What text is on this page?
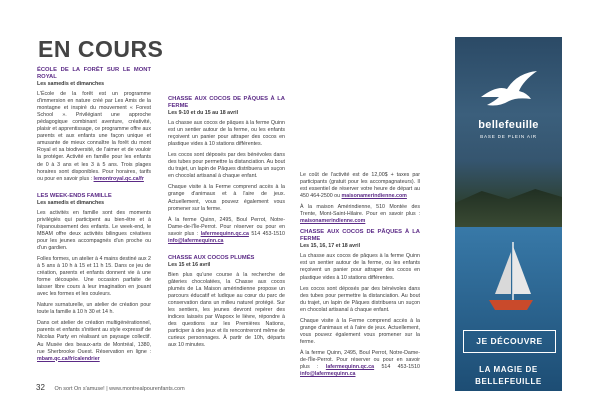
EN COURS
ÉCOLE DE LA FORÊT SUR LE MONT ROYAL
Les samedis et dimanches

L'École de la forêt est un programme d'immersion en nature créé par Les Amis de la montagne et inspiré du mouvement « Forest School ». Privilégiant une approche pédagogique combinant aventure, créativité, plaisir et apprentissage, ce programme offre aux parents et aux enfants une façon unique et amusante de mieux connaître la forêt du mont Royal et sa biodiversité, de l'aimer et de vouloir la protéger. Activité en famille pour les enfants de 0 à 3 ans et les 3 à 5 ans. Trois plages horaires sont disponibles. Pour horaires, tarifs ou pour en savoir plus : lemontroyal.qc.ca/fr

LES WEEK-ENDS FAMILLE
Les samedis et dimanches

Les activités en famille sont des moments privilégiés qui participent au bien-être et à l'épanouissement des enfants. Le week-end, le MBAM offre deux activités bilingues créatives pour les jeunes accompagnés d'un proche ou d'un gardien.

Folles formes, un atelier à 4 mains destiné aux 2 à 5 ans à 10 h à 15 et 11 h 15. Dans ce jeu de création, parents et enfants donnent vie à une forme découpée. Une occasion parfaite de laisser libre cours à leur imagination en jouant avec les formes et les couleurs.

Nature surnaturelle, un atelier de création pour toute la famille à 10 h 30 et 14 h.

Dans cet atelier de création multigénérationnel, parents et enfants s'initient au style expressif de Nicolas Party en réalisant un paysage collectif. Au Musée des beaux-arts de Montréal, 1380, rue Sherbrooke Ouest. Réservation en ligne : mbam.qc.ca/fr/calendrier

CHASSE AUX COCOS DE PÂQUES À LA FERME
Les 9-10 et du 15 au 18 avril

La chasse aux cocos de pâques à la ferme Quinn est un sentier autour de la ferme, ou les enfants reçoivent un panier pour attraper des cocos en plastique vides à 10 stations différentes.

Les cocos sont déposés par des bénévoles dans des tubes pour permettre la distanciation. Au bout du trajet, un lapin de Pâques distribuera un suçon en chocolat artisanal à chaque enfant.

Chaque visite à la Ferme comprend accès à la grange d'animaux et à l'aire de jeux. Actuellement, vous pouvez également vous promener sur la ferme.

À la ferme Quinn, 2495, Boul Perrot, Notre-Dame-de-l'Île-Perrot. Pour réserver ou pour en savoir plus : lafermequinn.qc.ca 514 453-1510 info@lafermequinn.ca

CHASSE AUX COCOS PLUMÉS
Les 15 et 16 avril

Bien plus qu'une course à la recherche de gâteries chocolatées, la Chasse aux cocos plumés de La Maison amérindienne propose un parcours éducatif et ludique au cœur du parc de conservation dans un milieu naturel protégé. Sur les sentiers, les jeunes devront repérer des indices laissés par Wapoxx le lièvre, répondre à des questions sur les Premières Nations, participer à des jeux et ils rencontreront même de curieux personnages. À partir de 10h, départs aux 10 minutes.

Le coût de l'activité est de 12,00$ + taxes par participants (gratuit pour les accompagnateurs). Il est essentiel de réserver votre heure de départ au 450 464-2500 ou maisonamerindienne.com

À la maison Amérindienne, 510 Montée des Trente, Mont-Saint-Hilaire. Pour en savoir plus : maisonamerindienne.com

CHASSE AUX COCOS DE PÂQUES À LA FERME
Les 15, 16, 17 et 18 avril

La chasse aux cocos de pâques à la ferme Quinn est un sentier autour de la ferme, ou les enfants reçoivent un panier pour attraper des cocos en plastique vides à 10 stations différentes.

Les cocos sont déposés par des bénévoles dans des tubes pour permettre la distanciation. Au bout du trajet, un lapin de Pâques distribuera un suçon en chocolat artisanal à chaque enfant.

Chaque visite à la Ferme comprend accès à la grange d'animaux et à l'aire de jeux. Actuellement, vous pouvez également vous promener sur la ferme.

À la ferme Quinn, 2495, Boul Perrot, Notre-Dame-de-l'Île-Perrot. Pour réserver ou pour en savoir plus : lafermequinn.qc.ca 514 453-1510 info@lafermequinn.ca

32 On sort On s'amuse! | www.montrealpourenfants.com
bellefeuille
BASE DE PLEIN AIR
JE DÉCOUVRE
LA MAGIE DE
BELLEFEUILLE
